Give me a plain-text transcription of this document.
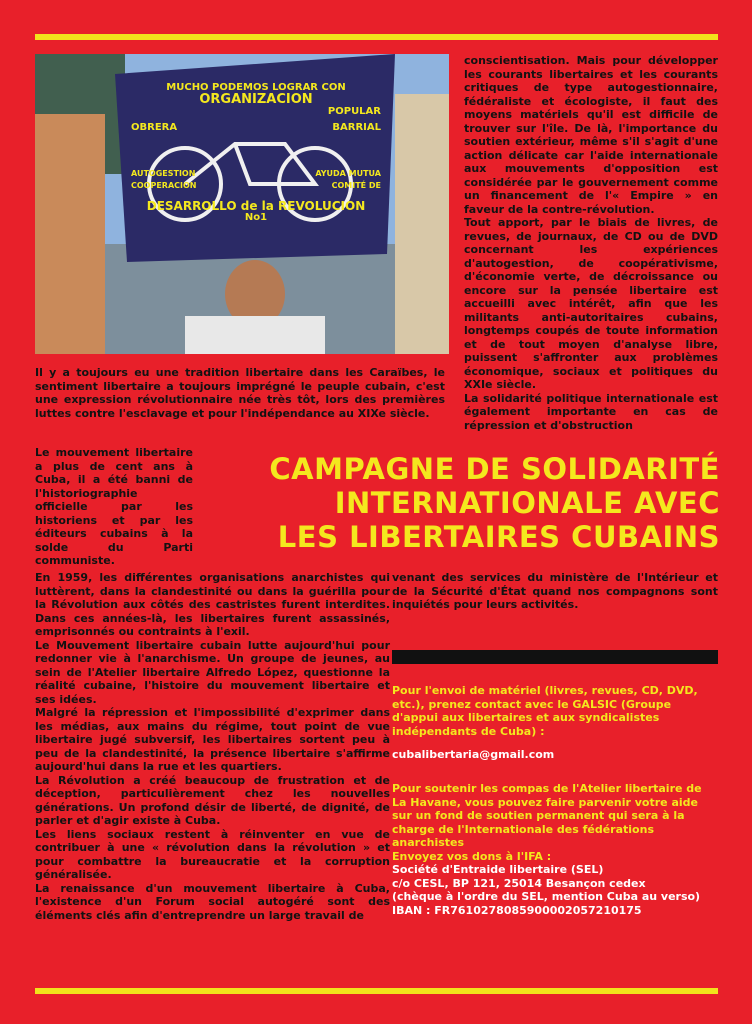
MUCHO PODEMOS LOGRAR CON
ORGANIZACION
POPULAR
OBRERA	BARRIAL
AUTOGESTION	AYUDA MUTUA
COOPERACION	COMITÉ DE
DESARROLLO de la REVOLUCION
No1

conscientisation. Mais pour développer les courants libertaires et les courants critiques de type autogestionnaire, fédéraliste et écologiste, il faut des moyens matériels qu'il est difficile de trouver sur l'île. De là, l'importance du soutien extérieur, même s'il s'agit d'une action délicate car l'aide internationale aux mouvements d'opposition est considérée par le gouvernement comme un financement de l'« Empire » en faveur de la contre-révolution.

Tout apport, par le biais de livres, de revues, de journaux, de CD ou de DVD concernant les expériences d'autogestion, de coopérativisme, d'économie verte, de décroissance ou encore sur la pensée libertaire est accueilli avec intérêt, afin que les militants anti-autoritaires cubains, longtemps coupés de toute information et de tout moyen d'analyse libre, puissent s'affronter aux problèmes économique, sociaux et politiques du XXIe siècle.

La solidarité politique internationale est également importante en cas de répression et d'obstruction

Il y a toujours eu une tradition libertaire dans les Caraïbes, le sentiment libertaire a toujours imprégné le peuple cubain, c'est une expression révolutionnaire née très tôt, lors des premières luttes contre l'esclavage et pour l'indépendance au XIXe siècle.

Le mouvement libertaire a plus de cent ans à Cuba, il a été banni de l'historiographie officielle par les historiens et par les éditeurs cubains à la solde du Parti communiste.

CAMPAGNE DE SOLIDARITÉ
INTERNATIONALE AVEC
LES LIBERTAIRES CUBAINS

En 1959, les différentes organisations anarchistes qui luttèrent, dans la clandestinité ou dans la guérilla pour la Révolution aux côtés des castristes furent interdites. Dans ces années-là, les libertaires furent assassinés, emprisonnés ou contraints à l'exil.

Le Mouvement libertaire cubain lutte aujourd'hui pour redonner vie à l'anarchisme. Un groupe de jeunes, au sein de l'Atelier libertaire Alfredo López, questionne la réalité cubaine, l'histoire du mouvement libertaire et ses idées.

Malgré la répression et l'impossibilité d'exprimer dans les médias, aux mains du régime, tout point de vue libertaire jugé subversif, les libertaires sortent peu à peu de la clandestinité, la présence libertaire s'affirme aujourd'hui dans la rue et les quartiers.

La Révolution a créé beaucoup de frustration et de déception, particulièrement chez les nouvelles générations. Un profond désir de liberté, de dignité, de parler et d'agir existe à Cuba.

Les liens sociaux restent à réinventer en vue de contribuer à une « révolution dans la révolution » et pour combattre la bureaucratie et la corruption généralisée.

La renaissance d'un mouvement libertaire à Cuba, l'existence d'un Forum social autogéré sont des éléments clés afin d'entreprendre un large travail de

venant des services du ministère de l'Intérieur et de la Sécurité d'État quand nos compagnons sont inquiétés pour leurs activités.

Pour l'envoi de matériel (livres, revues, CD, DVD, etc.), prenez contact avec le GALSIC (Groupe d'appui aux libertaires et aux syndicalistes indépendants de Cuba) :

cubalibertaria@gmail.com

Pour soutenir les compas de l'Atelier libertaire de La Havane, vous pouvez faire parvenir votre aide sur un fond de soutien permanent qui sera à la charge de l'Internationale des fédérations anarchistes
Envoyez vos dons à l'IFA :
Société d'Entraide libertaire (SEL)
c/o CESL, BP 121, 25014 Besançon cedex
(chèque à l'ordre du SEL, mention Cuba au verso)
IBAN : FR7610278085900002057210175
